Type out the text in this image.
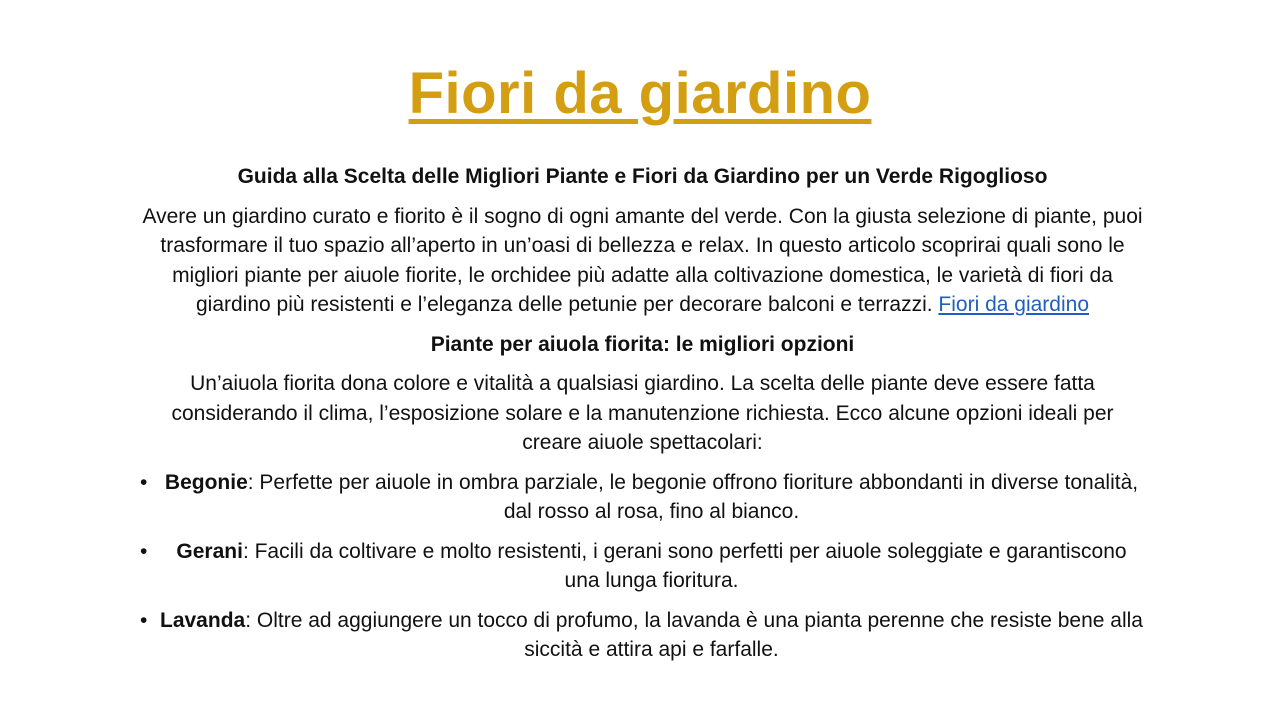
Fiori da giardino

Guida alla Scelta delle Migliori Piante e Fiori da Giardino per un Verde Rigoglioso

Avere un giardino curato e fiorito è il sogno di ogni amante del verde. Con la giusta selezione di piante, puoi trasformare il tuo spazio all’aperto in un’oasi di bellezza e relax. In questo articolo scoprirai quali sono le migliori piante per aiuole fiorite, le orchidee più adatte alla coltivazione domestica, le varietà di fiori da giardino più resistenti e l’eleganza delle petunie per decorare balconi e terrazzi. Fiori da giardino

Piante per aiuola fiorita: le migliori opzioni

Un’aiuola fiorita dona colore e vitalità a qualsiasi giardino. La scelta delle piante deve essere fatta considerando il clima, l’esposizione solare e la manutenzione richiesta. Ecco alcune opzioni ideali per creare aiuole spettacolari:

• Begonie: Perfette per aiuole in ombra parziale, le begonie offrono fioriture abbondanti in diverse tonalità, dal rosso al rosa, fino al bianco.
• Gerani: Facili da coltivare e molto resistenti, i gerani sono perfetti per aiuole soleggiate e garantiscono una lunga fioritura.
• Lavanda: Oltre ad aggiungere un tocco di profumo, la lavanda è una pianta perenne che resiste bene alla siccità e attira api e farfalle.
